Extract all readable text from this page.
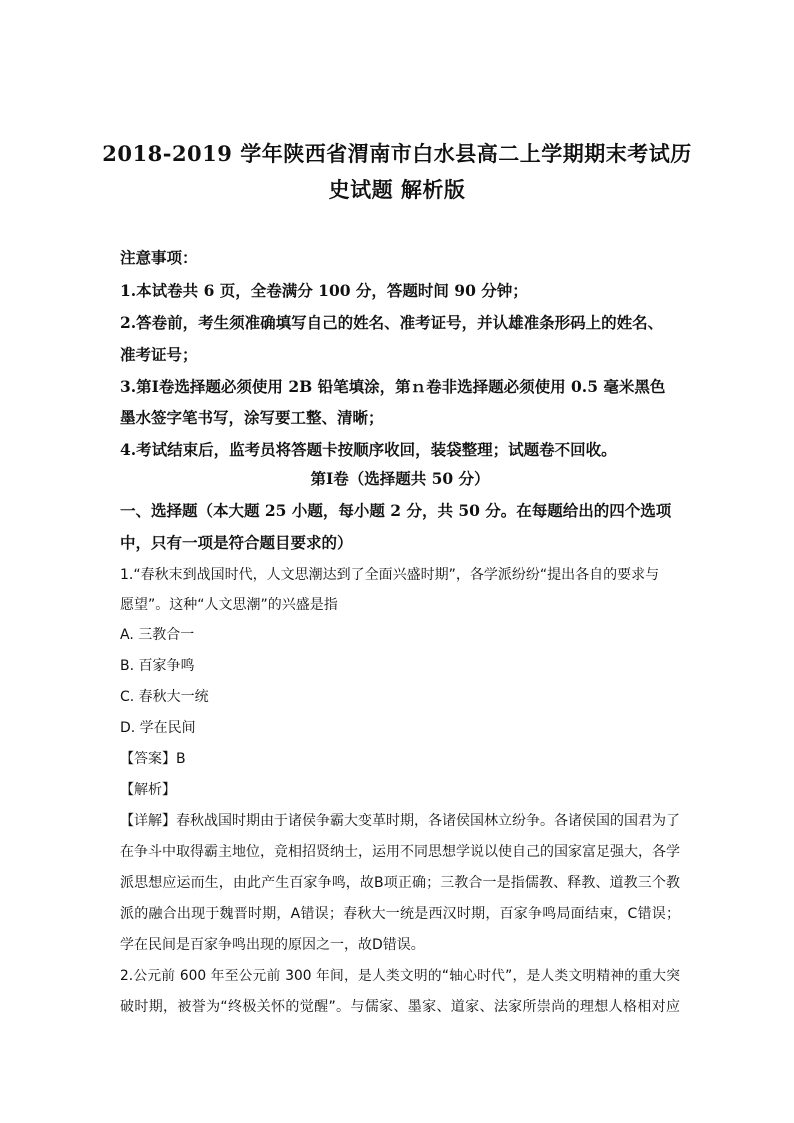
2018-2019 学年陕西省渭南市白水县高二上学期期末考试历
史试题 解析版
注意事项：
1.本试卷共 6 页，全卷满分 100 分，答题时间 90 分钟；
2.答卷前，考生须准确填写自己的姓名、准考证号，并认雄准条形码上的姓名、
准考证号；
3.第Ⅰ卷选择题必须使用 2B 铅笔填涂，第ｎ卷非选择题必须使用 0.5 毫米黑色
墨水签字笔书写，涂写要工整、清晰；
4.考试结束后，监考员将答题卡按顺序收回，装袋整理；试题卷不回收。
第Ⅰ卷（选择题共 50 分）
一、选择题（本大题 25 小题，每小题 2 分，共 50 分。在每题给出的四个选项
中，只有一项是符合题目要求的）
1.“春秋末到战国时代，人文思潮达到了全面兴盛时期”，各学派纷纷“提出各自的要求与
愿望”。这种“人文思潮”的兴盛是指
A. 三教合一
B. 百家争鸣
C. 春秋大一统
D. 学在民间
【答案】B
【解析】
【详解】春秋战国时期由于诸侯争霸大变革时期，各诸侯国林立纷争。各诸侯国的国君为了
在争斗中取得霸主地位，竞相招贤纳士，运用不同思想学说以使自己的国家富足强大，各学
派思想应运而生，由此产生百家争鸣，故B项正确；三教合一是指儒教、释教、道教三个教
派的融合出现于魏晋时期，A错误；春秋大一统是西汉时期，百家争鸣局面结束，C错误；
学在民间是百家争鸣出现的原因之一，故D错误。
2.公元前 600 年至公元前 300 年间，是人类文明的“轴心时代”，是人类文明精神的重大突
破时期，被誉为“终极关怀的觉醒”。与儒家、墨家、道家、法家所崇尚的理想人格相对应
